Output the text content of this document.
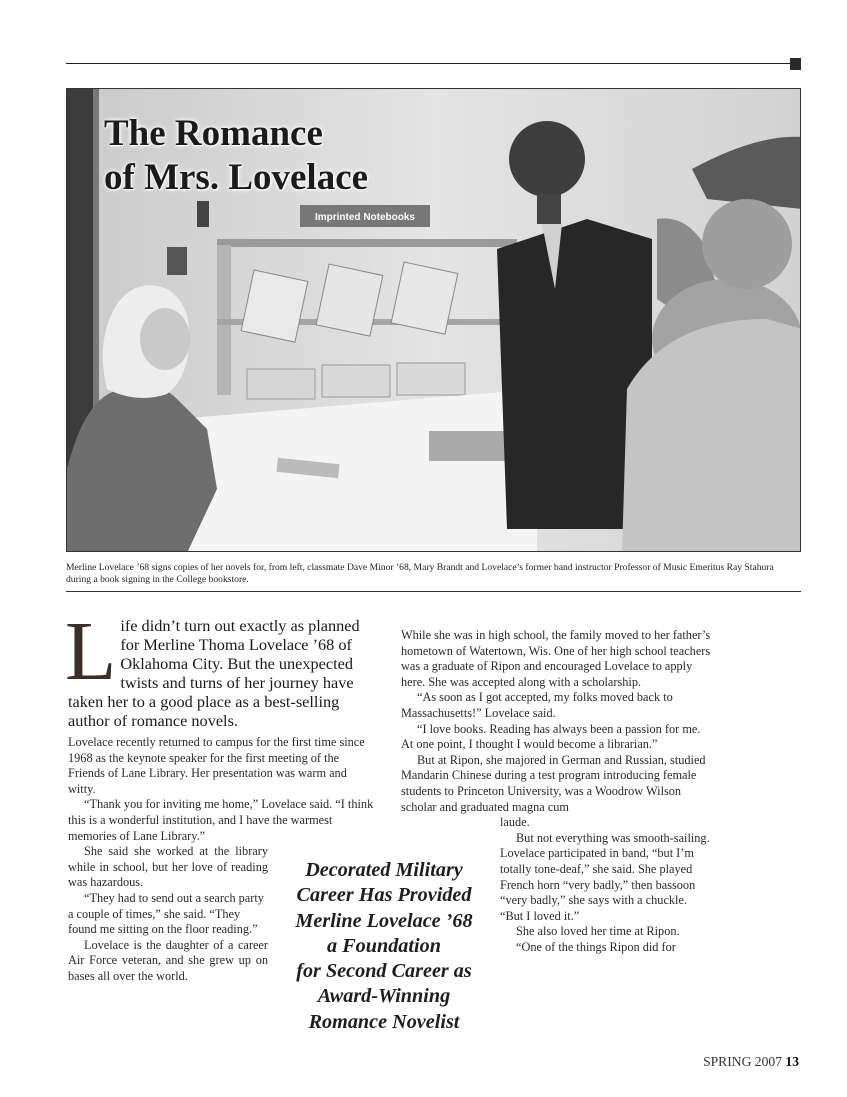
Imprinted Notebooks
The Romance
of Mrs. Lovelace

Merline Lovelace ’68 signs copies of her novels for, from left, classmate Dave Minor ’68, Mary Brandt and Lovelace’s former band instructor Professor of Music Emeritus Ray Stahura during a book signing in the College bookstore.

Life didn’t turn out exactly as planned for Merline Thoma Lovelace ’68 of Oklahoma City. But the unexpected twists and turns of her journey have taken her to a good place as a best-selling author of romance novels.

Lovelace recently returned to campus for the first time since 1968 as the keynote speaker for the first meeting of the Friends of Lane Library. Her presentation was warm and witty.

“Thank you for inviting me home,” Lovelace said. “I think this is a wonderful institution, and I have the warmest memories of Lane Library.”

She said she worked at the library while in school, but her love of reading was hazardous.

“They had to send out a search party a couple of times,” she said. “They found me sitting on the floor reading.”

Lovelace is the daughter of a career Air Force veteran, and she grew up on bases all over the world.

While she was in high school, the family moved to her father’s hometown of Watertown, Wis. One of her high school teachers was a graduate of Ripon and encouraged Lovelace to apply here. She was accepted along with a scholarship.

“As soon as I got accepted, my folks moved back to Massachusetts!” Lovelace said.

“I love books. Reading has always been a passion for me. At one point, I thought I would become a librarian.”

But at Ripon, she majored in German and Russian, studied Mandarin Chinese during a test program introducing female students to Princeton University, was a Woodrow Wilson scholar and graduated magna cum

laude.

But not everything was smooth-sailing. Lovelace participated in band, “but I’m totally tone-deaf,” she said. She played French horn “very badly,” then bassoon “very badly,” she says with a chuckle. “But I loved it.”

She also loved her time at Ripon.

“One of the things Ripon did for

Decorated Military
Career Has Provided
Merline Lovelace ’68
a Foundation
for Second Career as
Award-Winning
Romance Novelist
SPRING 2007 13
